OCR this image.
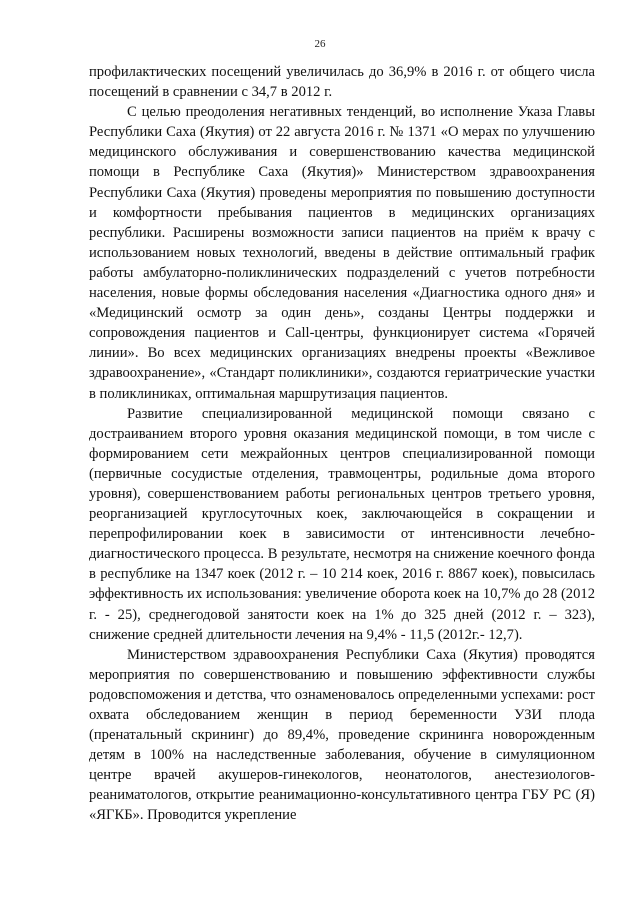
26

профилактических посещений увеличилась до 36,9% в 2016 г. от общего числа посещений в сравнении с 34,7 в 2012 г.

С целью преодоления негативных тенденций, во исполнение Указа Главы Республики Саха (Якутия) от 22 августа 2016 г. № 1371 «О мерах по улучшению медицинского обслуживания и совершенствованию качества медицинской помощи в Республике Саха (Якутия)» Министерством здравоохранения Республики Саха (Якутия) проведены мероприятия по повышению доступности и комфортности пребывания пациентов в медицинских организациях республики. Расширены возможности записи пациентов на приём к врачу с использованием новых технологий, введены в действие оптимальный график работы амбулаторно-поликлинических подразделений с учетов потребности населения, новые формы обследования населения «Диагностика одного дня» и «Медицинский осмотр за один день», созданы Центры поддержки и сопровождения пациентов и Call-центры, функционирует система «Горячей линии». Во всех медицинских организациях внедрены проекты «Вежливое здравоохранение», «Стандарт поликлиники», создаются гериатрические участки в поликлиниках, оптимальная маршрутизация пациентов.

Развитие специализированной медицинской помощи связано с достраиванием второго уровня оказания медицинской помощи, в том числе с формированием сети межрайонных центров специализированной помощи (первичные сосудистые отделения, травмоцентры, родильные дома второго уровня), совершенствованием работы региональных центров третьего уровня, реорганизацией круглосуточных коек, заключающейся в сокращении и перепрофилировании коек в зависимости от интенсивности лечебно-диагностического процесса. В результате, несмотря на снижение коечного фонда в республике на 1347 коек (2012 г. – 10 214 коек, 2016 г. 8867 коек), повысилась эффективность их использования: увеличение оборота коек на 10,7% до 28 (2012 г. - 25), среднегодовой занятости коек на 1% до 325 дней (2012 г. – 323), снижение средней длительности лечения на 9,4% - 11,5 (2012г.- 12,7).

Министерством здравоохранения Республики Саха (Якутия) проводятся мероприятия по совершенствованию и повышению эффективности службы родовспоможения и детства, что ознаменовалось определенными успехами: рост охвата обследованием женщин в период беременности УЗИ плода (пренатальный скрининг) до 89,4%, проведение скрининга новорожденным детям в 100% на наследственные заболевания, обучение в симуляционном центре врачей акушеров-гинекологов, неонатологов, анестезиологов-реаниматологов, открытие реанимационно-консультативного центра ГБУ РС (Я) «ЯГКБ». Проводится укрепление
